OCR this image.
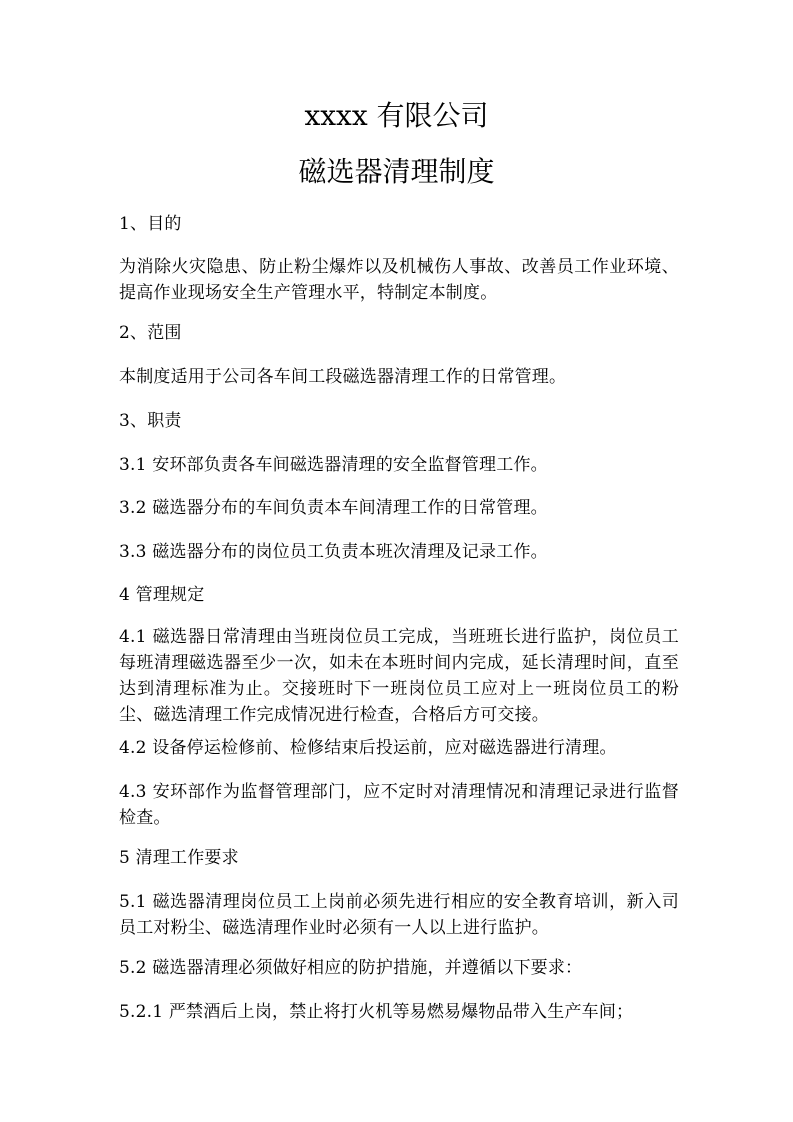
xxxx 有限公司
磁选器清理制度
1、目的
为消除火灾隐患、防止粉尘爆炸以及机械伤人事故、改善员工作业环境、提高作业现场安全生产管理水平，特制定本制度。
2、范围
本制度适用于公司各车间工段磁选器清理工作的日常管理。
3、职责
3.1 安环部负责各车间磁选器清理的安全监督管理工作。
3.2 磁选器分布的车间负责本车间清理工作的日常管理。
3.3 磁选器分布的岗位员工负责本班次清理及记录工作。
4 管理规定
4.1 磁选器日常清理由当班岗位员工完成，当班班长进行监护，岗位员工每班清理磁选器至少一次，如未在本班时间内完成，延长清理时间，直至达到清理标准为止。交接班时下一班岗位员工应对上一班岗位员工的粉尘、磁选清理工作完成情况进行检查，合格后方可交接。
4.2 设备停运检修前、检修结束后投运前，应对磁选器进行清理。
4.3 安环部作为监督管理部门，应不定时对清理情况和清理记录进行监督检查。
5 清理工作要求
5.1 磁选器清理岗位员工上岗前必须先进行相应的安全教育培训，新入司员工对粉尘、磁选清理作业时必须有一人以上进行监护。
5.2 磁选器清理必须做好相应的防护措施，并遵循以下要求：
5.2.1 严禁酒后上岗，禁止将打火机等易燃易爆物品带入生产车间；
